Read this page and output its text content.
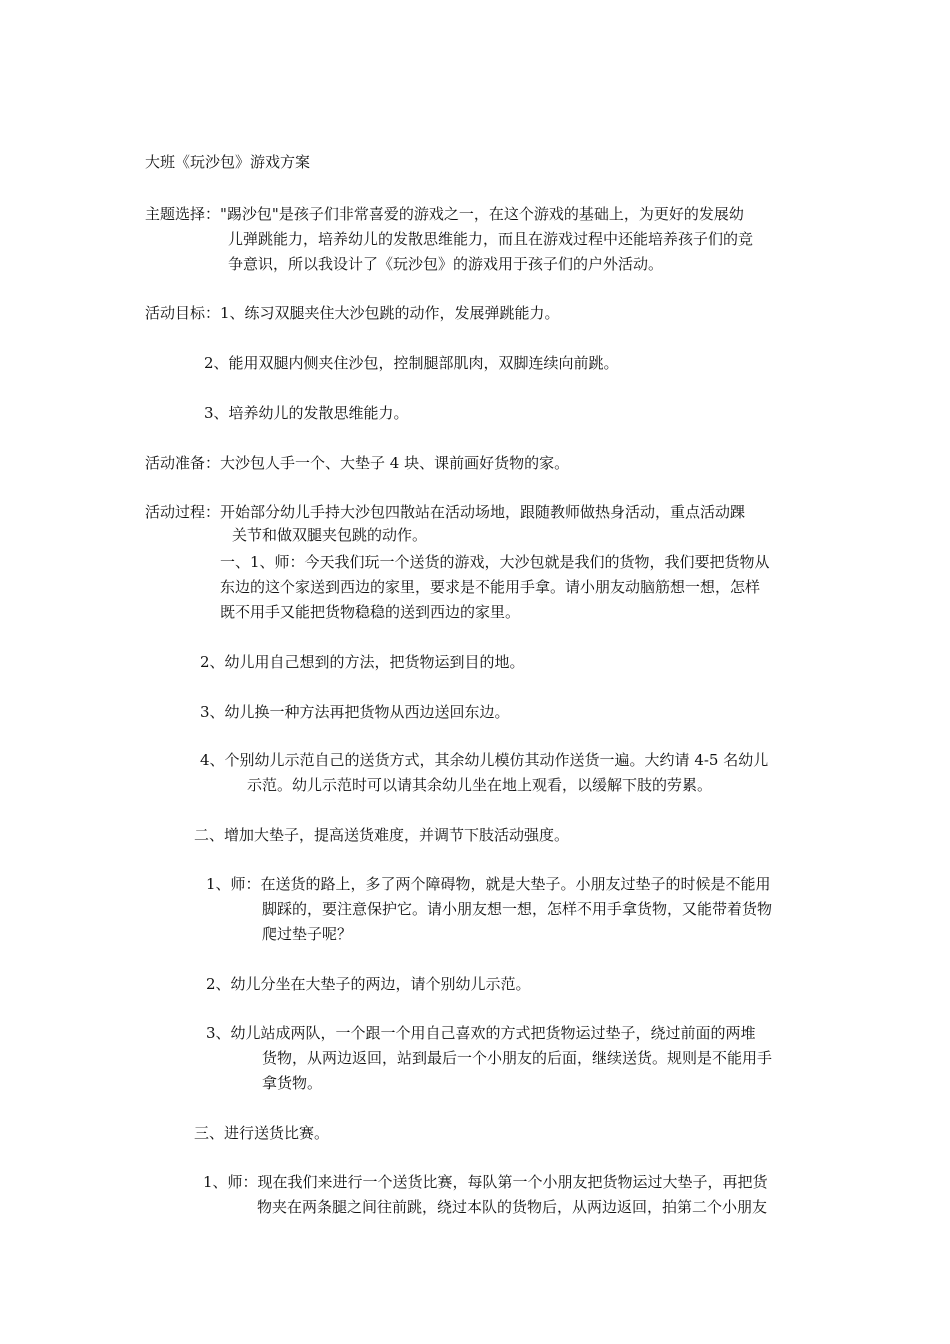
大班《玩沙包》游戏方案
主题选择："踢沙包"是孩子们非常喜爱的游戏之一，在这个游戏的基础上，为更好的发展幼
儿弹跳能力，培养幼儿的发散思维能力，而且在游戏过程中还能培养孩子们的竞
争意识，所以我设计了《玩沙包》的游戏用于孩子们的户外活动。
活动目标：1、练习双腿夹住大沙包跳的动作，发展弹跳能力。
2、能用双腿内侧夹住沙包，控制腿部肌肉，双脚连续向前跳。
3、培养幼儿的发散思维能力。
活动准备：大沙包人手一个、大垫子 4 块、课前画好货物的家。
活动过程：开始部分幼儿手持大沙包四散站在活动场地，跟随教师做热身活动，重点活动踝
关节和做双腿夹包跳的动作。
一、1、师：今天我们玩一个送货的游戏，大沙包就是我们的货物，我们要把货物从
东边的这个家送到西边的家里，要求是不能用手拿。请小朋友动脑筋想一想，怎样
既不用手又能把货物稳稳的送到西边的家里。
2、幼儿用自己想到的方法，把货物运到目的地。
3、幼儿换一种方法再把货物从西边送回东边。
4、个别幼儿示范自己的送货方式，其余幼儿模仿其动作送货一遍。大约请 4-5 名幼儿
示范。幼儿示范时可以请其余幼儿坐在地上观看，以缓解下肢的劳累。
二、增加大垫子，提高送货难度，并调节下肢活动强度。
1、师：在送货的路上，多了两个障碍物，就是大垫子。小朋友过垫子的时候是不能用
脚踩的，要注意保护它。请小朋友想一想，怎样不用手拿货物，又能带着货物
爬过垫子呢？
2、幼儿分坐在大垫子的两边，请个别幼儿示范。
3、幼儿站成两队，一个跟一个用自己喜欢的方式把货物运过垫子，绕过前面的两堆
货物，从两边返回，站到最后一个小朋友的后面，继续送货。规则是不能用手
拿货物。
三、进行送货比赛。
1、师：现在我们来进行一个送货比赛，每队第一个小朋友把货物运过大垫子，再把货
物夹在两条腿之间往前跳，绕过本队的货物后，从两边返回，拍第二个小朋友
